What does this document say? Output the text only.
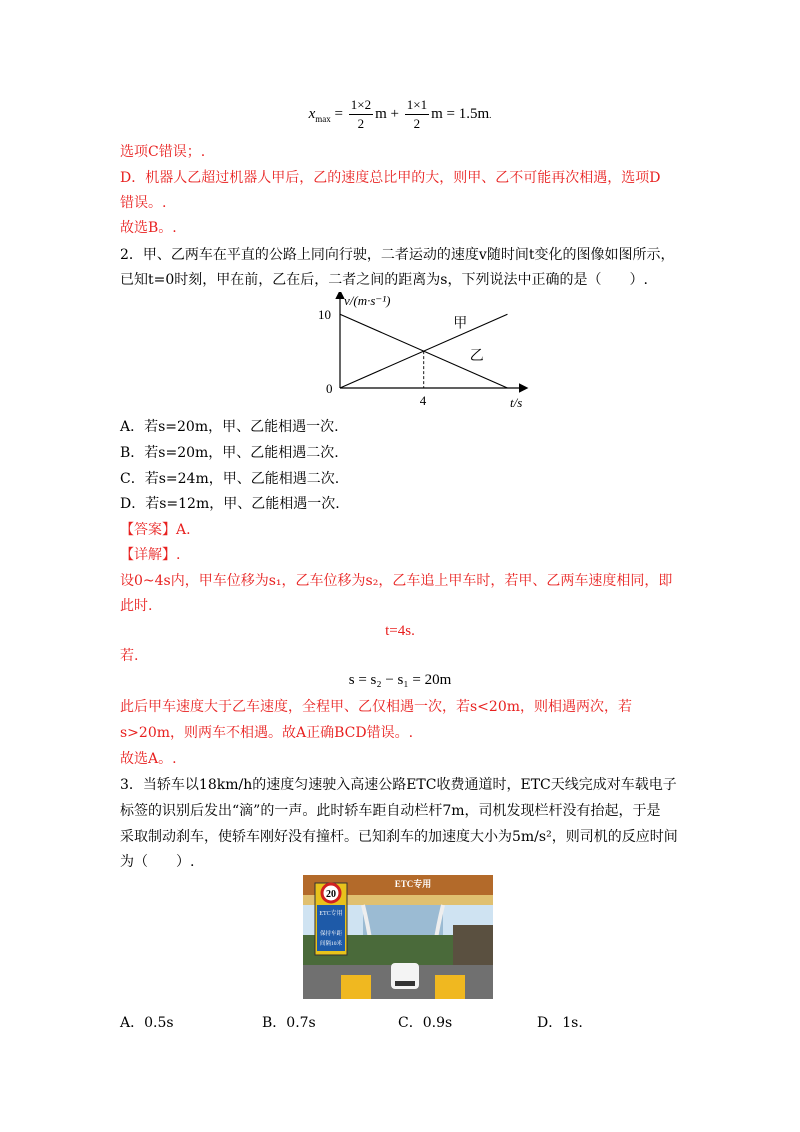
$x_{max} = \frac{1\times 2}{2}$ $m + \frac{1\times 1}{2}$ m = 1.5m.
选项C错误；.
D．机器人乙超过机器人甲后，乙的速度总比甲的大，则甲、乙不可能再次相遇，选项D
错误。.
故选B。.
2．甲、乙两车在平直的公路上同向行驶，二者运动的速度v随时间t变化的图像如图所示，
已知t=0时刻，甲在前，乙在后，二者之间的距离为s，下列说法中正确的是（　　）.
v/(m·s⁻¹)
t/s
0
10
4
甲
乙
A．若s=20m，甲、乙能相遇一次.
B．若s=20m，甲、乙能相遇二次.
C．若s=24m，甲、乙能相遇二次.
D．若s=12m，甲、乙能相遇一次.
【答案】A.
【详解】.
设0~4s内，甲车位移为s₁，乙车位移为s₂，乙车追上甲车时，若甲、乙两车速度相同，即
此时.
t=4s.
若.
s = s₂ − s₁ = 20m
此后甲车速度大于乙车速度，全程甲、乙仅相遇一次，若s<20m，则相遇两次，若
s>20m，则两车不相遇。故A正确BCD错误。.
故选A。.
3．当轿车以18km/h的速度匀速驶入高速公路ETC收费通道时，ETC天线完成对车载电子
标签的识别后发出“滴”的一声。此时轿车距自动栏杆7m，司机发现栏杆没有抬起，于是
采取制动刹车，使轿车刚好没有撞杆。已知刹车的加速度大小为5m/s²，则司机的反应时间
为（　　）.
20
ETC专用
保持车距
间隔10米
ETC专用
A．0.5s	B．0.7s	C．0.9s	D．1s.
